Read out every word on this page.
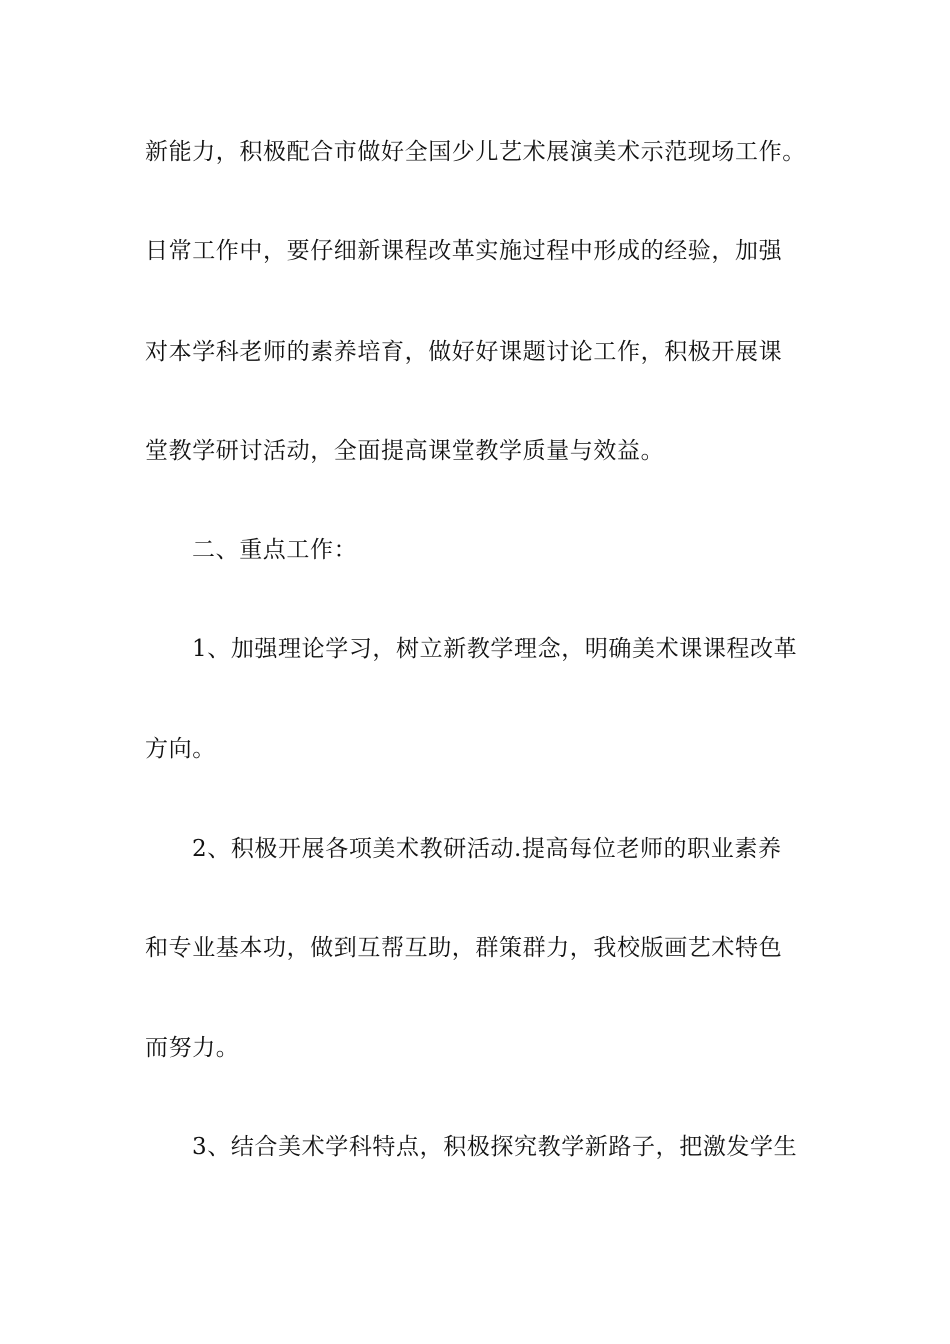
新能力，积极配合市做好全国少儿艺术展演美术示范现场工作。
日常工作中，要仔细新课程改革实施过程中形成的经验，加强
对本学科老师的素养培育，做好好课题讨论工作，积极开展课
堂教学研讨活动，全面提高课堂教学质量与效益。
二、重点工作：
1、加强理论学习，树立新教学理念，明确美术课课程改革
方向。
2、积极开展各项美术教研活动.提高每位老师的职业素养
和专业基本功，做到互帮互助，群策群力，我校版画艺术特色
而努力。
3、结合美术学科特点，积极探究教学新路子，把激发学生
